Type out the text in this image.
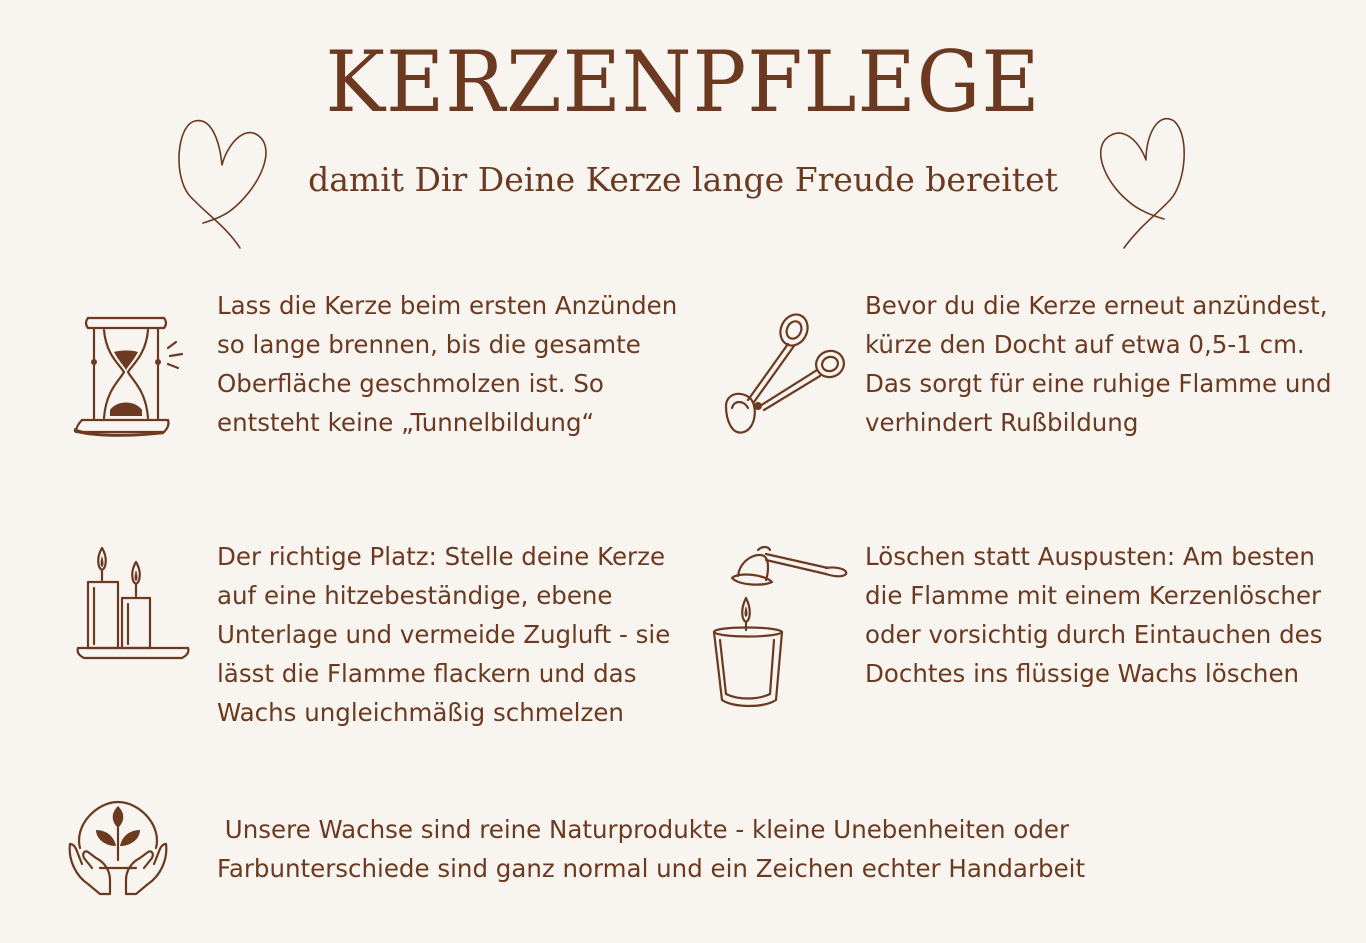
KERZENPFLEGE
damit Dir Deine Kerze lange Freude bereitet

Lass die Kerze beim ersten Anzünden so lange brennen, bis die gesamte Oberfläche geschmolzen ist. So entsteht keine „Tunnelbildung“

Bevor du die Kerze erneut anzündest, kürze den Docht auf etwa 0,5-1 cm. Das sorgt für eine ruhige Flamme und verhindert Rußbildung

Der richtige Platz: Stelle deine Kerze auf eine hitzebeständige, ebene Unterlage und vermeide Zugluft - sie lässt die Flamme flackern und das Wachs ungleichmäßig schmelzen

Löschen statt Auspusten: Am besten die Flamme mit einem Kerzenlöscher oder vorsichtig durch Eintauchen des Dochtes ins flüssige Wachs löschen

Unsere Wachse sind reine Naturprodukte - kleine Unebenheiten oder Farbunterschiede sind ganz normal und ein Zeichen echter Handarbeit
